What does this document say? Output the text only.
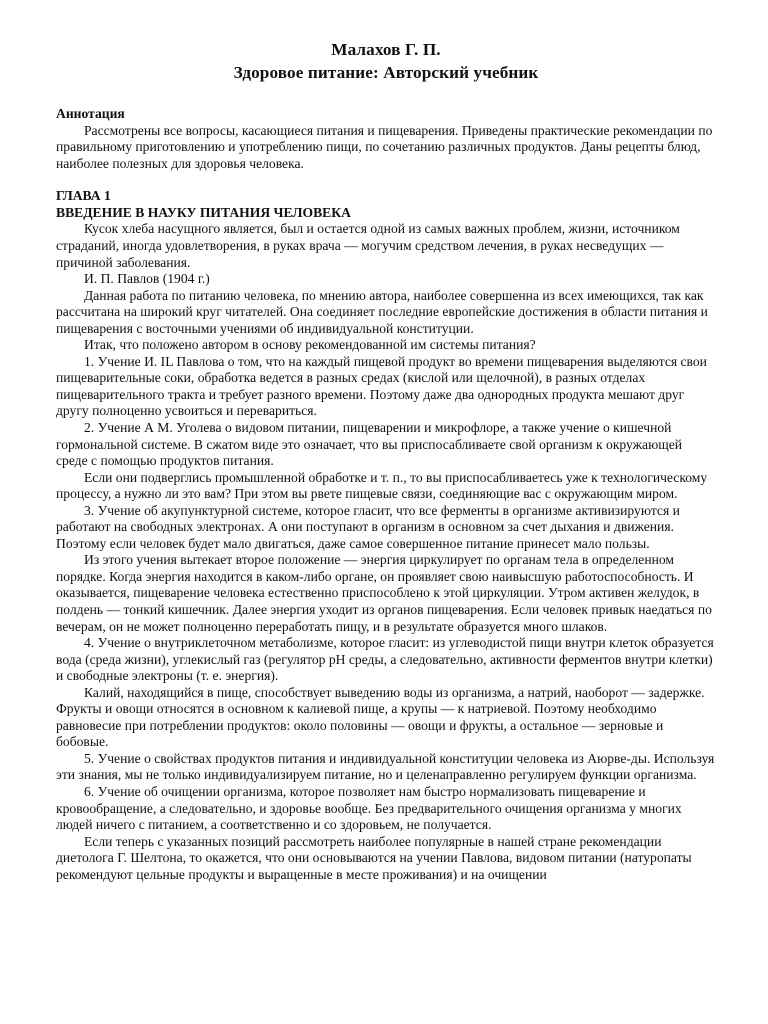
Малахов Г. П.
Здоровое питание: Авторский учебник
Аннотация

Рассмотрены все вопросы, касающиеся питания и пищеварения. Приведены практические рекомендации по правильному приготовлению и употреблению пищи, по сочетанию различных продуктов. Даны рецепты блюд, наиболее полезных для здоровья человека.

ГЛАВА 1
ВВЕДЕНИЕ В НАУКУ ПИТАНИЯ ЧЕЛОВЕКА

Кусок хлеба насущного является, был и остается одной из самых важных проблем, жизни, источником страданий, иногда удовлетворения, в руках врача — могучим средством лечения, в руках несведущих — причиной заболевания.

И. П. Павлов (1904 г.)

Данная работа по питанию человека, по мнению автора, наиболее совершенна из всех имеющихся, так как рассчитана на широкий круг читателей. Она соединяет последние европейские достижения в области питания и пищеварения с восточными учениями об индивидуальной конституции.

Итак, что положено автором в основу рекомендованной им системы питания?

1. Учение И. IL Павлова о том, что на каждый пищевой продукт во времени пищеварения выделяются свои пищеварительные соки, обработка ведется в разных средах (кислой или щелочной), в разных отделах пищеварительного тракта и требует разного времени. Поэтому даже два однородных продукта мешают друг другу полноценно усвоиться и перевариться.

2. Учение А М. Уголева о видовом питании, пищеварении и микрофлоре, а также учение о кишечной гормональной системе. В сжатом виде это означает, что вы приспосабливаете свой организм к окружающей среде с помощью продуктов питания.

Если они подверглись промышленной обработке и т. п., то вы приспосабливаетесь уже к технологическому процессу, а нужно ли это вам? При этом вы рвете пищевые связи, соединяющие вас с окружающим миром.

3. Учение об акупунктурной системе, которое гласит, что все ферменты в организме активизируются и работают на свободных электронах. А они поступают в организм в основном за счет дыхания и движения. Поэтому если человек будет мало двигаться, даже самое совершенное питание принесет мало пользы.

Из этого учения вытекает второе положение — энергия циркулирует по органам тела в определенном порядке. Когда энергия находится в каком-либо органе, он проявляет свою наивысшую работоспособность. И оказывается, пищеварение человека естественно приспособлено к этой циркуляции. Утром активен желудок, в полдень — тонкий кишечник. Далее энергия уходит из органов пищеварения. Если человек привык наедаться по вечерам, он не может полноценно переработать пищу, и в результате образуется много шлаков.

4. Учение о внутриклеточном метаболизме, которое гласит: из углеводистой пищи внутри клеток образуется вода (среда жизни), углекислый газ (регулятор рН среды, а следовательно, активности ферментов внутри клетки) и свободные электроны (т. е. энергия).

Калий, находящийся в пище, способствует выведению воды из организма, а натрий, наоборот — задержке. Фрукты и овощи относятся в основном к калиевой пище, а крупы — к натриевой. Поэтому необходимо равновесие при потреблении продуктов: около половины — овощи и фрукты, а остальное — зерновые и бобовые.

5. Учение о свойствах продуктов питания и индивидуальной конституции человека из Аюрве-ды. Используя эти знания, мы не только индивидуализируем питание, но и целенаправленно регулируем функции организма.

6. Учение об очищении организма, которое позволяет нам быстро нормализовать пищеварение и кровообращение, а следовательно, и здоровье вообще. Без предварительного очищения организма у многих людей ничего с питанием, а соответственно и со здоровьем, не получается.

Если теперь с указанных позиций рассмотреть наиболее популярные в нашей стране рекомендации диетолога Г. Шелтона, то окажется, что они основываются на учении Павлова, видовом питании (натуропаты рекомендуют цельные продукты и выращенные в месте проживания) и на очищении
